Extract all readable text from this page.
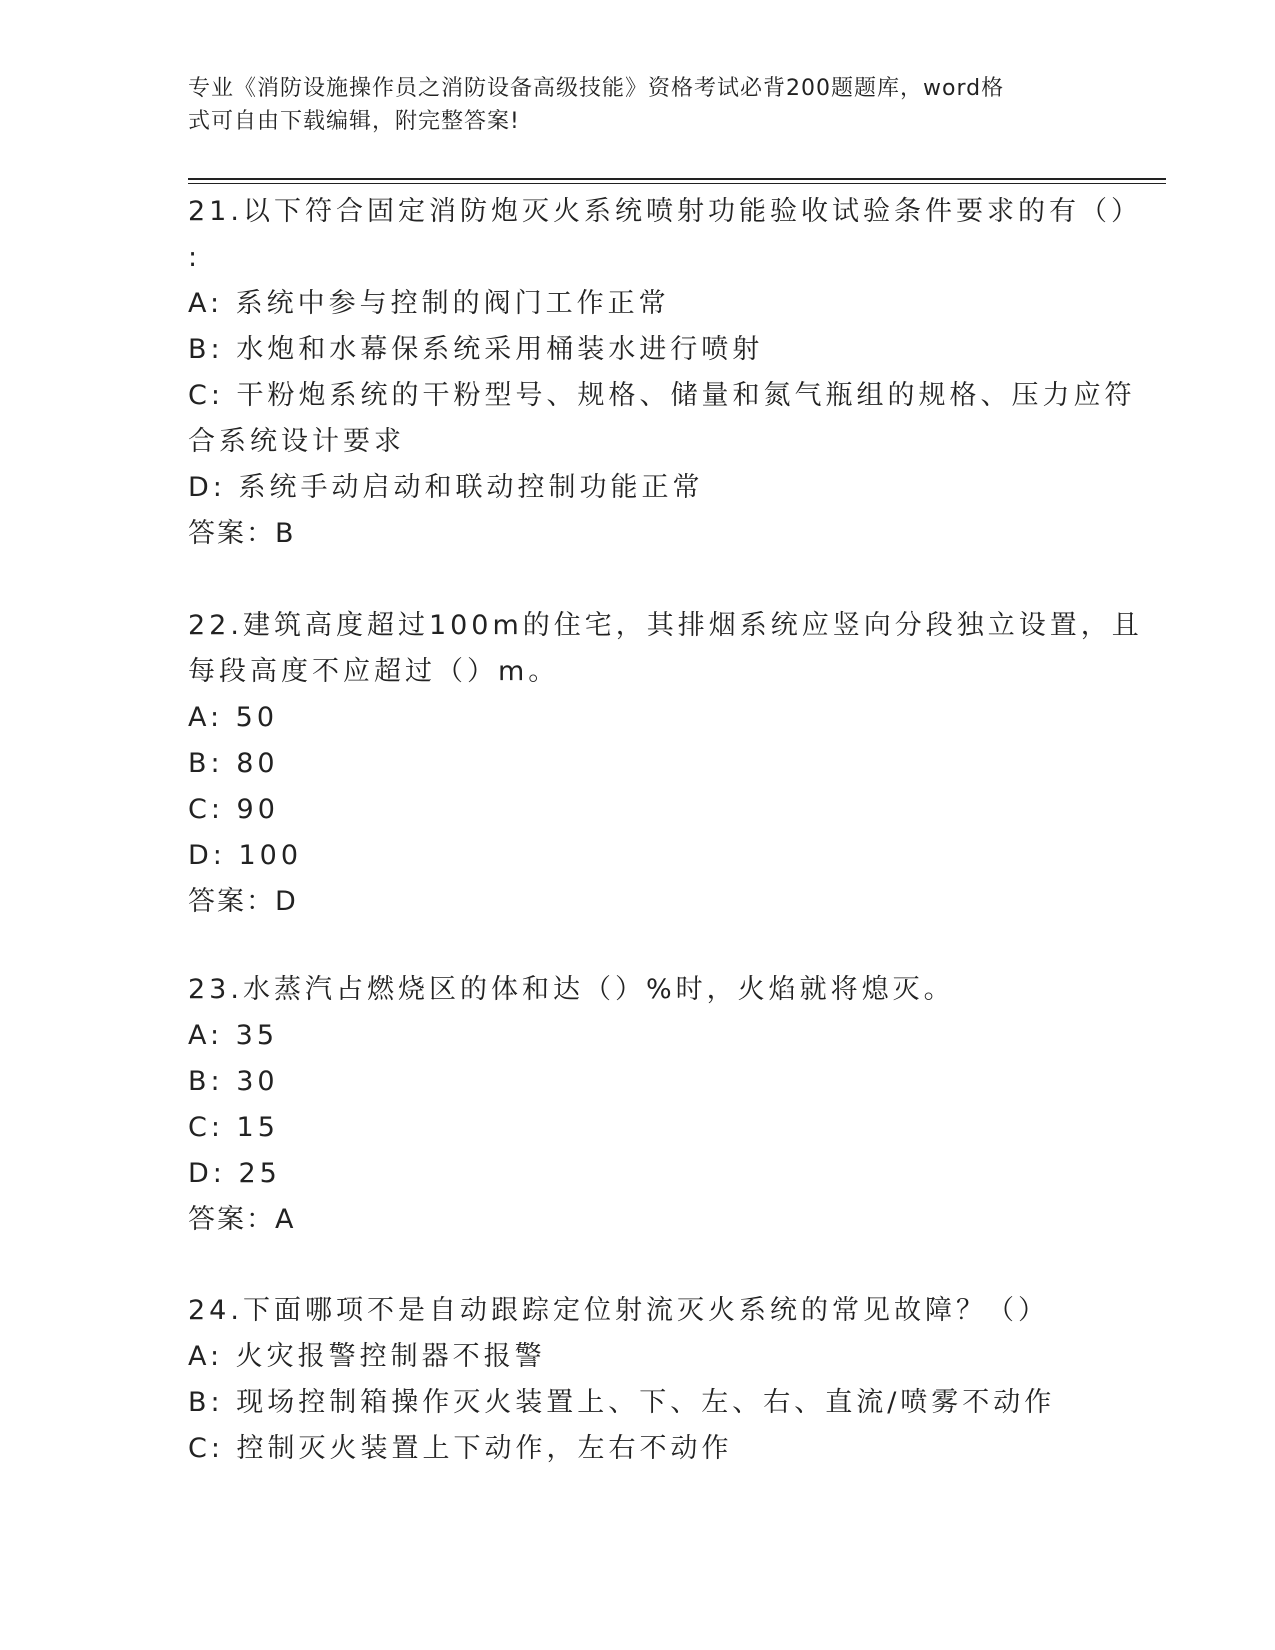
专业《消防设施操作员之消防设备高级技能》资格考试必背200题题库，word格
式可自由下载编辑，附完整答案!
21.以下符合固定消防炮灭火系统喷射功能验收试验条件要求的有（）
:
A: 系统中参与控制的阀门工作正常
B: 水炮和水幕保系统采用桶装水进行喷射
C: 干粉炮系统的干粉型号、规格、储量和氮气瓶组的规格、压力应符
合系统设计要求
D: 系统手动启动和联动控制功能正常
答案：B
22.建筑高度超过100m的住宅，其排烟系统应竖向分段独立设置，且
每段高度不应超过（）m。
A: 50
B: 80
C: 90
D: 100
答案：D
23.水蒸汽占燃烧区的体和达（）%时，火焰就将熄灭。
A: 35
B: 30
C: 15
D: 25
答案：A
24.下面哪项不是自动跟踪定位射流灭火系统的常见故障？（）
A: 火灾报警控制器不报警
B: 现场控制箱操作灭火装置上、下、左、右、直流/喷雾不动作
C: 控制灭火装置上下动作，左右不动作
